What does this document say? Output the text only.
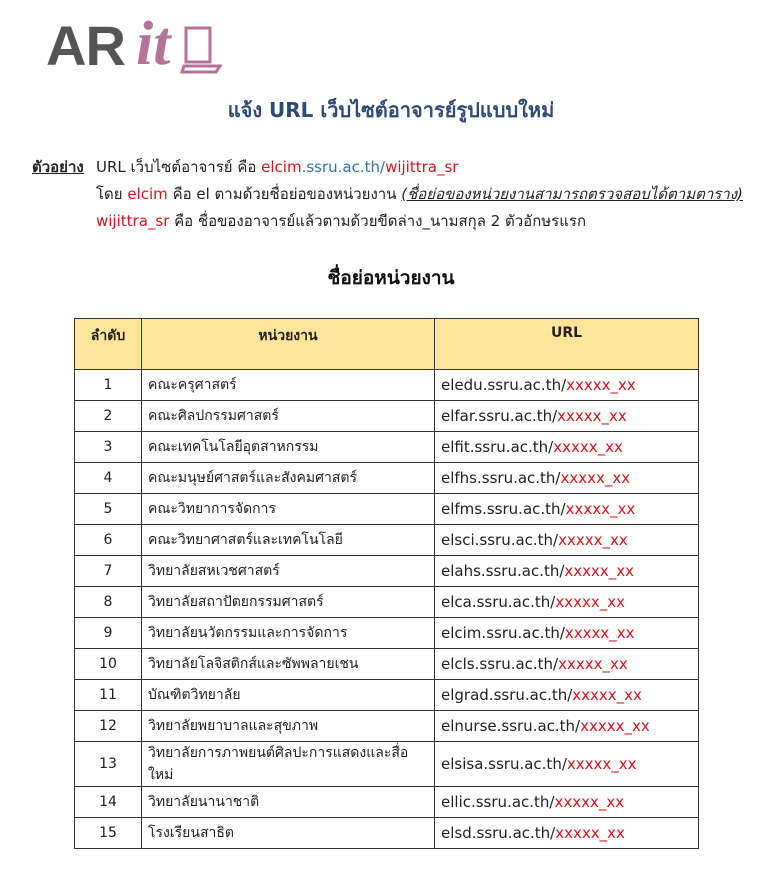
AR it
แจ้ง URL เว็บไซต์อาจารย์รูปแบบใหม่
ตัวอย่าง URL เว็บไซต์อาจารย์ คือ elcim.ssru.ac.th/wijittra_sr
โดย elcim คือ el ตามด้วยชื่อย่อของหน่วยงาน (ชื่อย่อของหน่วยงานสามารถตรวจสอบได้ตามตาราง)
wijittra_sr คือ ชื่อของอาจารย์แล้วตามด้วยขีดล่าง_นามสกุล 2 ตัวอักษรแรก
ชื่อย่อหน่วยงาน
ลำดับ	หน่วยงาน	URL
1	คณะครุศาสตร์	eledu.ssru.ac.th/xxxxx_xx
2	คณะศิลปกรรมศาสตร์	elfar.ssru.ac.th/xxxxx_xx
3	คณะเทคโนโลยีอุตสาหกรรม	elfit.ssru.ac.th/xxxxx_xx
4	คณะมนุษย์ศาสตร์และสังคมศาสตร์	elfhs.ssru.ac.th/xxxxx_xx
5	คณะวิทยาการจัดการ	elfms.ssru.ac.th/xxxxx_xx
6	คณะวิทยาศาสตร์และเทคโนโลยี	elsci.ssru.ac.th/xxxxx_xx
7	วิทยาลัยสหเวชศาสตร์	elahs.ssru.ac.th/xxxxx_xx
8	วิทยาลัยสถาปัตยกรรมศาสตร์	elca.ssru.ac.th/xxxxx_xx
9	วิทยาลัยนวัตกรรมและการจัดการ	elcim.ssru.ac.th/xxxxx_xx
10	วิทยาลัยโลจิสติกส์และซัพพลายเชน	elcls.ssru.ac.th/xxxxx_xx
11	บัณฑิตวิทยาลัย	elgrad.ssru.ac.th/xxxxx_xx
12	วิทยาลัยพยาบาลและสุขภาพ	elnurse.ssru.ac.th/xxxxx_xx
13	วิทยาลัยการภาพยนต์ศิลปะการแสดงและสื่อใหม่	elsisa.ssru.ac.th/xxxxx_xx
14	วิทยาลัยนานาชาติ	ellic.ssru.ac.th/xxxxx_xx
15	โรงเรียนสาธิต	elsd.ssru.ac.th/xxxxx_xx
